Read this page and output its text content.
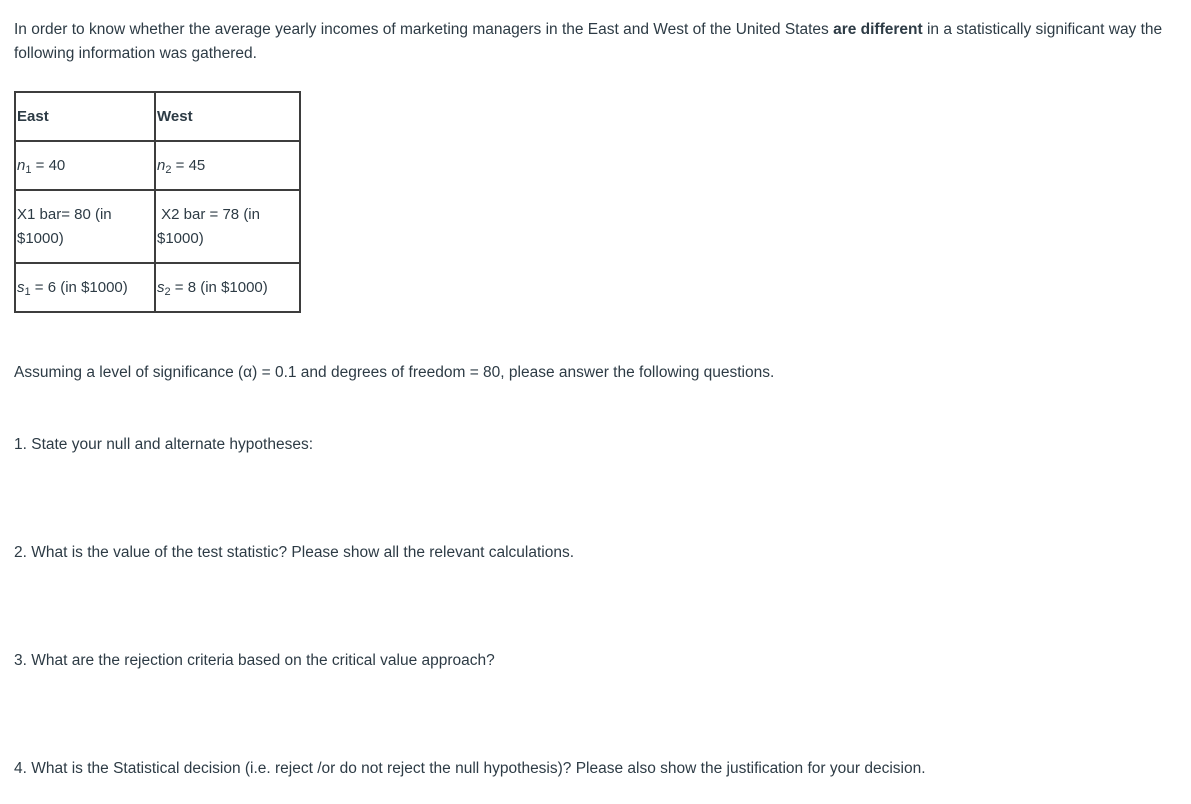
In order to know whether the average yearly incomes of marketing managers in the East and West of the United States are different in a statistically significant way the following information was gathered.

East	West
$n_1 = 40$	$n_2 = 45$
X1 bar= 80 (in $1000)	X2 bar = 78 (in $1000)
$s_1 = 6$ (in $1000)	$s_2 = 8$ (in $1000)

Assuming a level of significance (α) = 0.1 and degrees of freedom = 80, please answer the following questions.

1. State your null and alternate hypotheses:

2. What is the value of the test statistic? Please show all the relevant calculations.

3. What are the rejection criteria based on the critical value approach?

4. What is the Statistical decision (i.e. reject /or do not reject the null hypothesis)? Please also show the justification for your decision.
